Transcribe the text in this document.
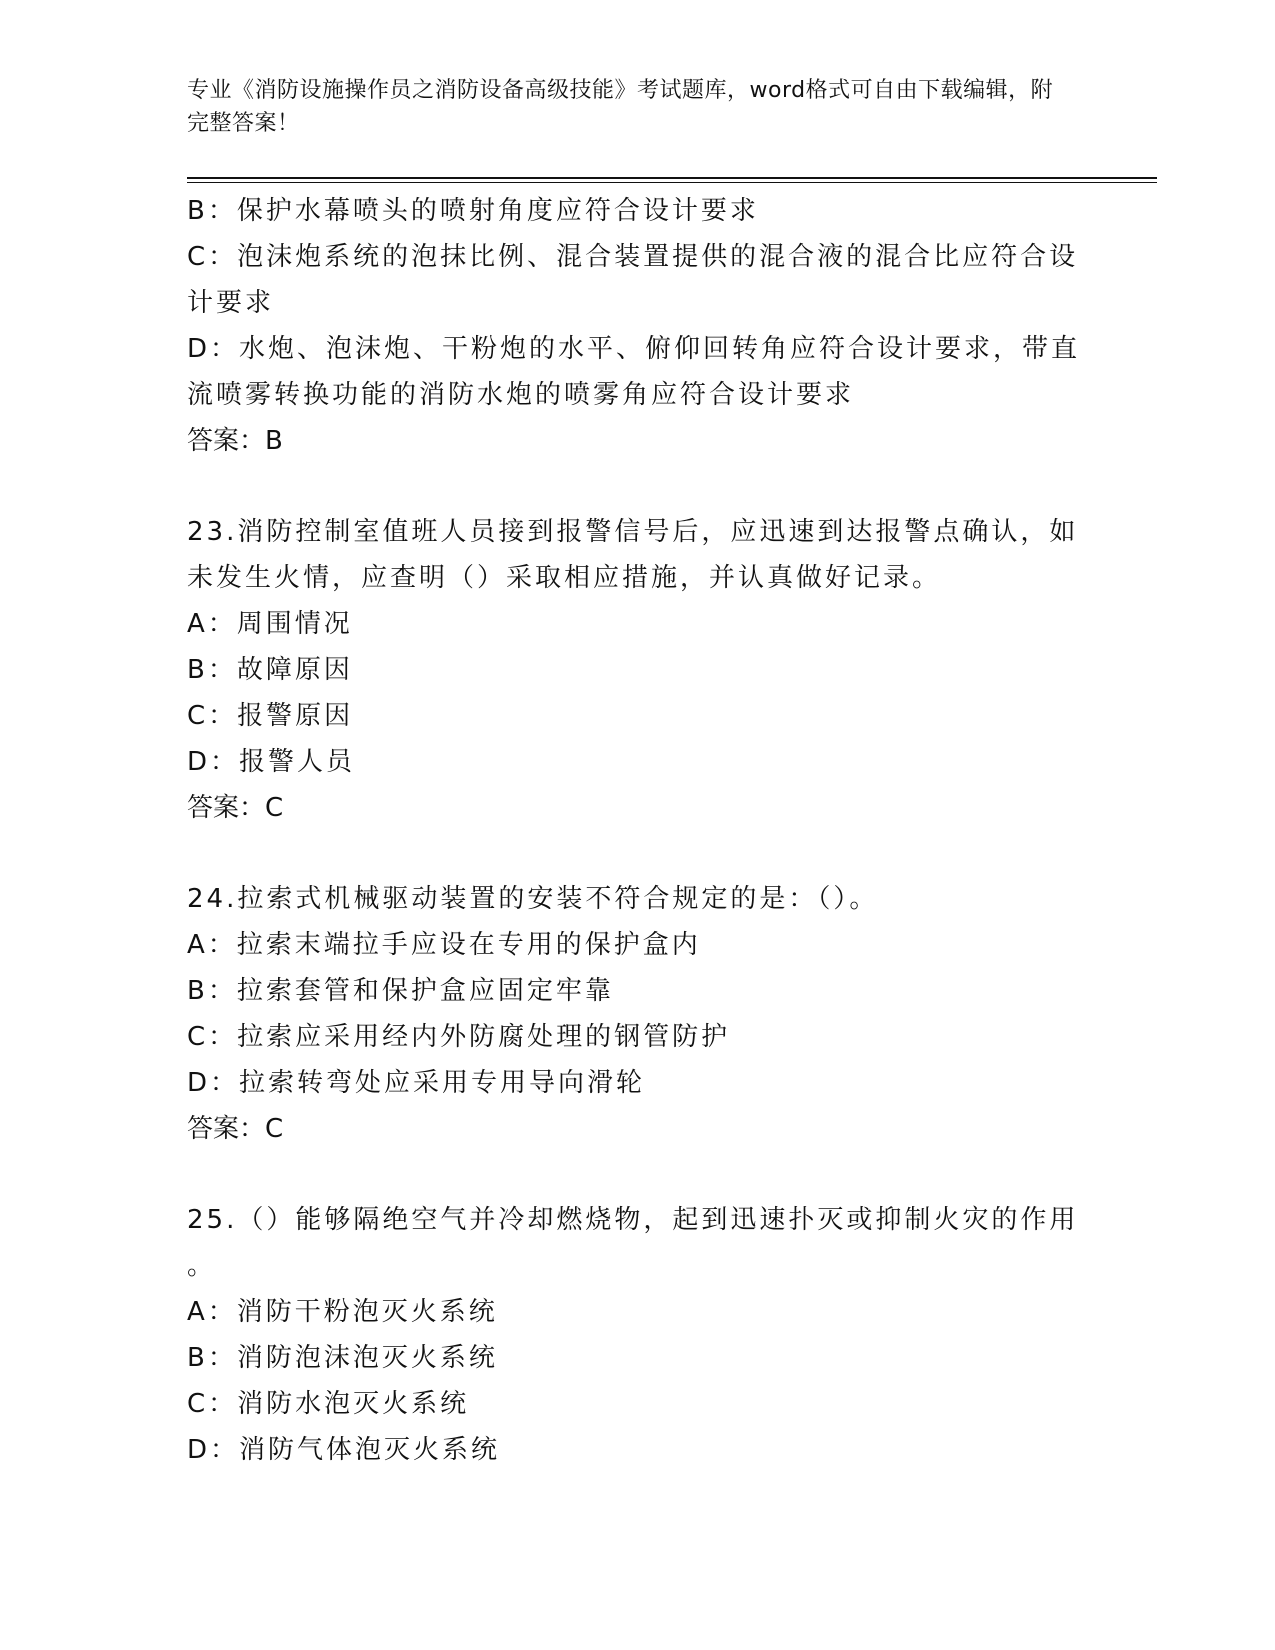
专业《消防设施操作员之消防设备高级技能》考试题库，word格式可自由下载编辑，附完整答案！

B：保护水幕喷头的喷射角度应符合设计要求

C：泡沫炮系统的泡抹比例、混合装置提供的混合液的混合比应符合设计要求

D：水炮、泡沫炮、干粉炮的水平、俯仰回转角应符合设计要求，带直流喷雾转换功能的消防水炮的喷雾角应符合设计要求

答案：B

23.消防控制室值班人员接到报警信号后，应迅速到达报警点确认，如未发生火情，应查明（）采取相应措施，并认真做好记录。

A：周围情况

B：故障原因

C：报警原因

D：报警人员

答案：C

24.拉索式机械驱动装置的安装不符合规定的是：（）。

A：拉索末端拉手应设在专用的保护盒内

B：拉索套管和保护盒应固定牢靠

C：拉索应采用经内外防腐处理的钢管防护

D：拉索转弯处应采用专用导向滑轮

答案：C

25.（）能够隔绝空气并冷却燃烧物，起到迅速扑灭或抑制火灾的作用

。

A：消防干粉泡灭火系统

B：消防泡沫泡灭火系统

C：消防水泡灭火系统

D：消防气体泡灭火系统
